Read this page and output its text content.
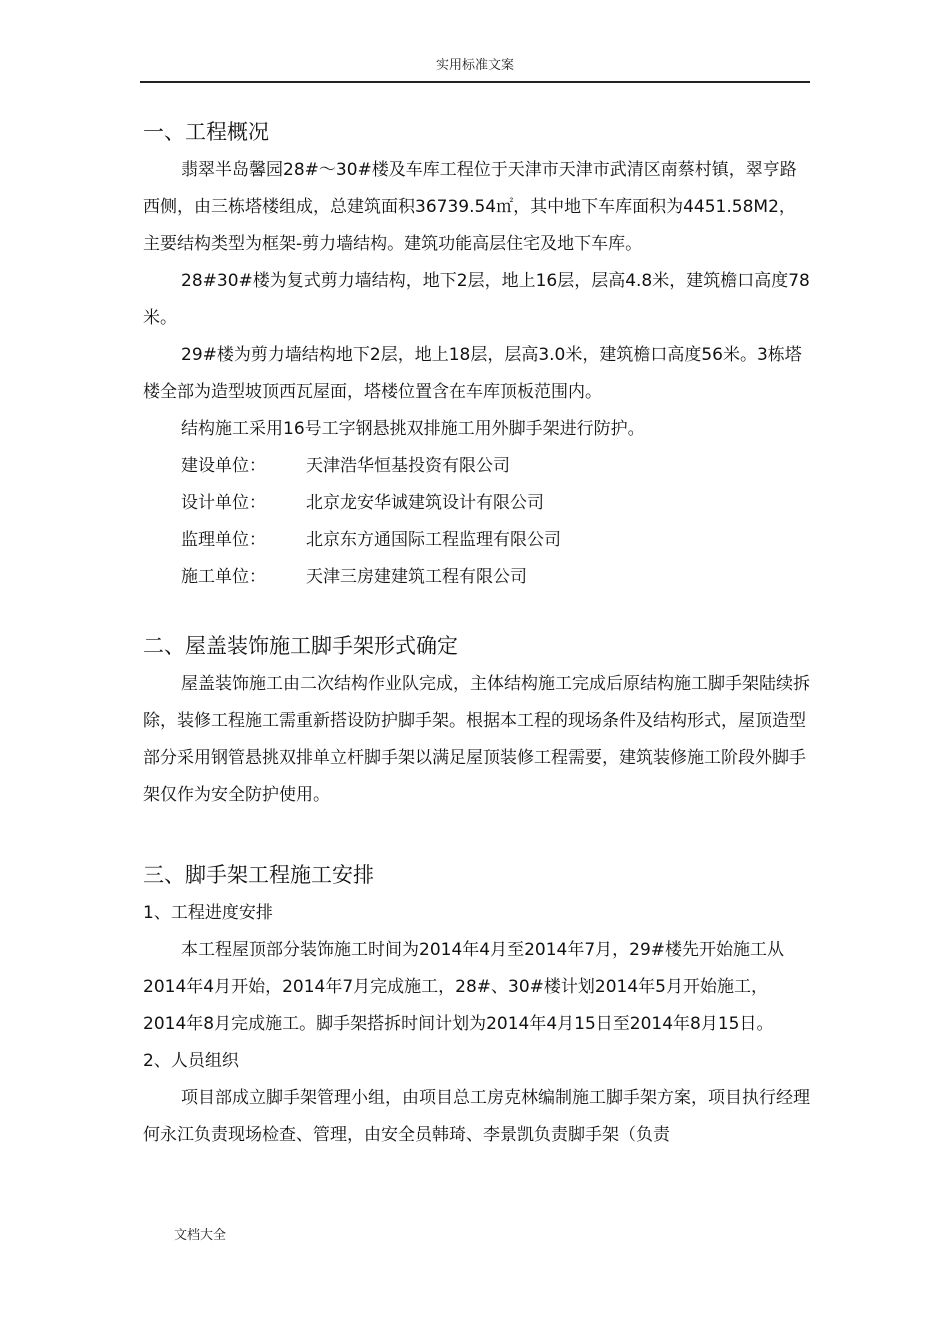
实用标准文案
一、工程概况

翡翠半岛馨园28#～30#楼及车库工程位于天津市天津市武清区南蔡村镇，翠亨路西侧，由三栋塔楼组成，总建筑面积36739.54㎡，其中地下车库面积为4451.58M2，主要结构类型为框架-剪力墙结构。建筑功能高层住宅及地下车库。

28#30#楼为复式剪力墙结构，地下2层，地上16层，层高4.8米，建筑檐口高度78米。

29#楼为剪力墙结构地下2层，地上18层，层高3.0米，建筑檐口高度56米。3栋塔楼全部为造型坡顶西瓦屋面，塔楼位置含在车库顶板范围内。

结构施工采用16号工字钢悬挑双排施工用外脚手架进行防护。

建设单位：	天津浩华恒基投资有限公司
设计单位：	北京龙安华诚建筑设计有限公司
监理单位：	北京东方通国际工程监理有限公司
施工单位：	天津三房建建筑工程有限公司
二、屋盖装饰施工脚手架形式确定

屋盖装饰施工由二次结构作业队完成，主体结构施工完成后原结构施工脚手架陆续拆除，装修工程施工需重新搭设防护脚手架。根据本工程的现场条件及结构形式，屋顶造型部分采用钢管悬挑双排单立杆脚手架以满足屋顶装修工程需要，建筑装修施工阶段外脚手架仅作为安全防护使用。

三、脚手架工程施工安排
1、工程进度安排

本工程屋顶部分装饰施工时间为2014年4月至2014年7月，29#楼先开始施工从2014年4月开始，2014年7月完成施工，28#、30#楼计划2014年5月开始施工，2014年8月完成施工。脚手架搭拆时间计划为2014年4月15日至2014年8月15日。

2、人员组织

项目部成立脚手架管理小组，由项目总工房克林编制施工脚手架方案，项目执行经理何永江负责现场检查、管理，由安全员韩琦、李景凯负责脚手架（负责

文档大全
